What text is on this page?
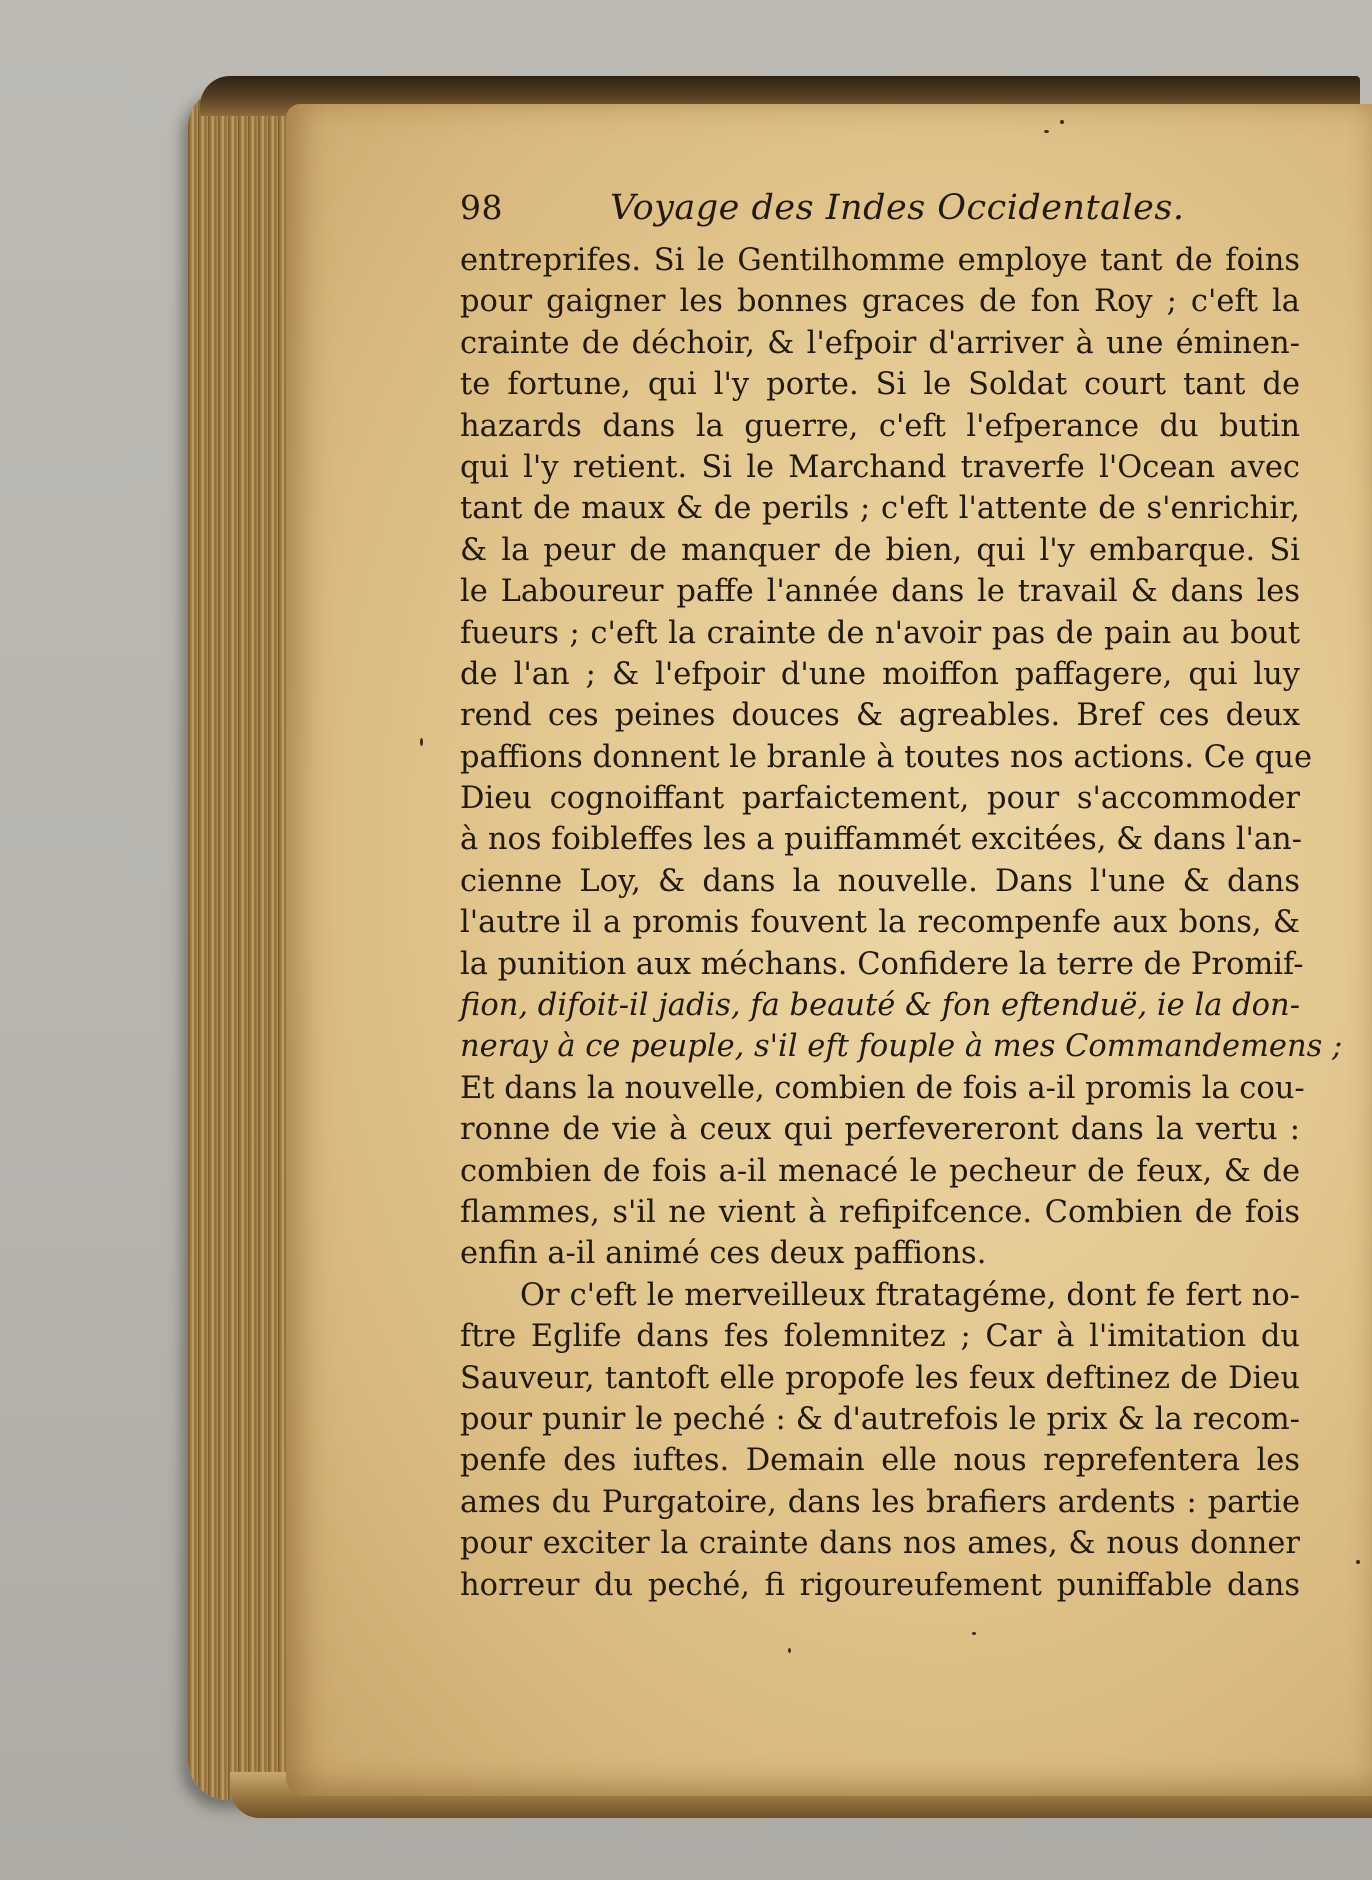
98	Voyage des Indes Occidentales.
entreprifes. Si le Gentilhomme employe tant de foins
pour gaigner les bonnes graces de fon Roy ; c'eft la
crainte de déchoir, & l'efpoir d'arriver à une éminen-
te fortune, qui l'y porte. Si le Soldat court tant de
hazards dans la guerre, c'eft l'efperance du butin
qui l'y retient. Si le Marchand traverfe l'Ocean avec
tant de maux & de perils ; c'eft l'attente de s'enrichir,
& la peur de manquer de bien, qui l'y embarque. Si
le Laboureur paffe l'année dans le travail & dans les
fueurs ; c'eft la crainte de n'avoir pas de pain au bout
de l'an ; & l'efpoir d'une moiffon paffagere, qui luy
rend ces peines douces & agreables. Bref ces deux
paffions donnent le branle à toutes nos actions. Ce que
Dieu cognoiffant parfaictement, pour s'accommoder
à nos foibleffes les a puiffammét excitées, & dans l'an-
cienne Loy, & dans la nouvelle. Dans l'une & dans
l'autre il a promis fouvent la recompenfe aux bons, &
la punition aux méchans. Confidere la terre de Promif-
fion, difoit-il jadis, fa beauté & fon eftenduë, ie la don-
neray à ce peuple, s'il eft fouple à mes Commandemens ;
Et dans la nouvelle, combien de fois a-il promis la cou-
ronne de vie à ceux qui perfevereront dans la vertu :
combien de fois a-il menacé le pecheur de feux, & de
flammes, s'il ne vient à refipifcence. Combien de fois
enfin a-il animé ces deux paffions.
Or c'eft le merveilleux ftratagéme, dont fe fert no-
ftre Eglife dans fes folemnitez ; Car à l'imitation du
Sauveur, tantoft elle propofe les feux deftinez de Dieu
pour punir le peché : & d'autrefois le prix & la recom-
penfe des iuftes. Demain elle nous reprefentera les
ames du Purgatoire, dans les brafiers ardents : partie
pour exciter la crainte dans nos ames, & nous donner
horreur du peché, fi rigoureufement puniffable dans
